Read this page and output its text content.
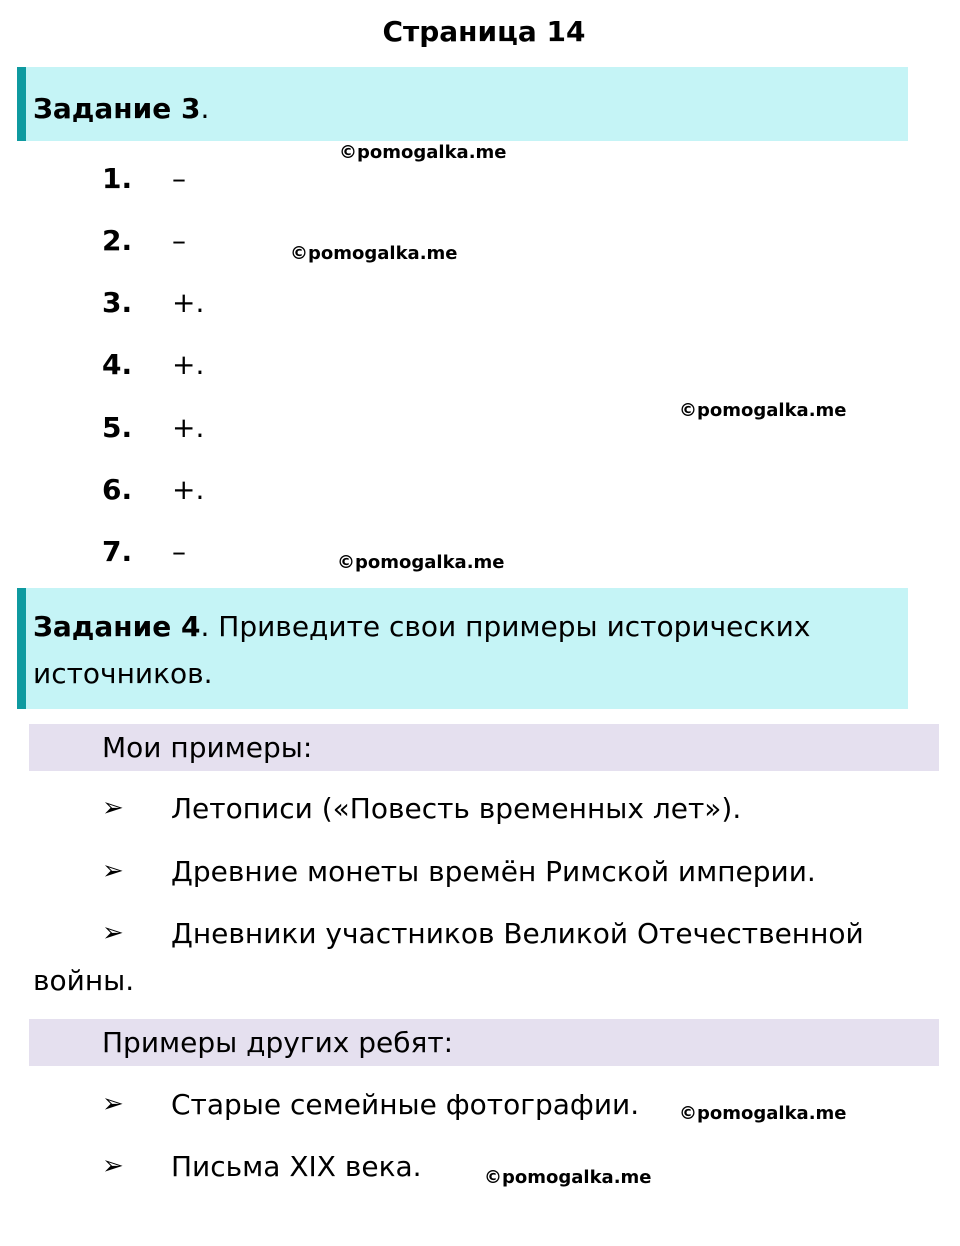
Страница 14
Задание 3.
1.	–
2.	–
3.	+.
4.	+.
5.	+.
6.	+.
7.	–
©pomogalka.me
©pomogalka.me
©pomogalka.me
©pomogalka.me
©pomogalka.me
©pomogalka.me
Задание 4. Приведите свои примеры исторических
источников.
Мои примеры:
➢ Летописи («Повесть временных лет»).
➢ Древние монеты времён Римской империи.
➢ Дневники участников Великой Отечественной
войны.
Примеры других ребят:
➢ Старые семейные фотографии.
➢ Письма XIX века.
